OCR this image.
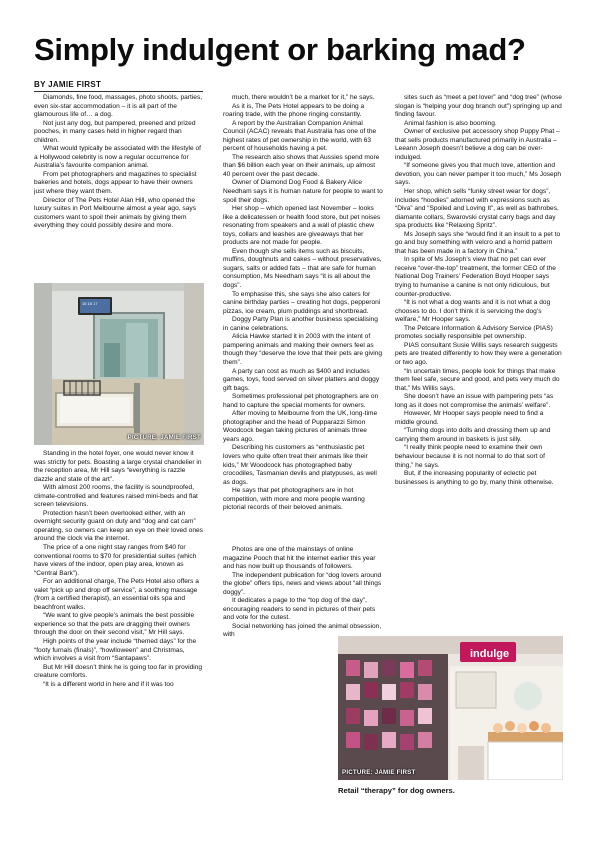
Simply indulgent or barking mad?
BY JAMIE FIRST

Diamonds, fine food, massages, photo shoots, parties, even six-star accommodation – it is all part of the glamourous life of… a dog.

Not just any dog, but pampered, preened and prized pooches, in many cases held in higher regard than children.

What would typically be associated with the lifestyle of a Hollywood celebrity is now a regular occurrence for Australia’s favourite companion animal.

From pet photographers and magazines to specialist bakeries and hotels, dogs appear to have their owners just where they want them.

Director of The Pets Hotel Alan Hill, who opened the luxury suites in Port Melbourne almost a year ago, says customers want to spoil their animals by giving them everything they could possibly desire and more.

15 16 17
PICTURE: JAMIE FIRST

Standing in the hotel foyer, one would never know it was strictly for pets. Boasting a large crystal chandelier in the reception area, Mr Hill says “everything is razzle dazzle and state of the art”.

With almost 200 rooms, the facility is soundproofed, climate-controlled and features raised mini-beds and flat screen televisions.

Protection hasn’t been overlooked either, with an overnight security guard on duty and “dog and cat cam” operating, so owners can keep an eye on their loved ones around the clock via the internet.

The price of a one night stay ranges from $40 for conventional rooms to $70 for presidential suites (which have views of the indoor, open play area, known as “Central Bark”).

For an additional charge, The Pets Hotel also offers a valet “pick up and drop off service”, a soothing massage (from a certified therapist), an essential oils spa and beachfront walks.

“We want to give people’s animals the best possible experience so that the pets are dragging their owners through the door on their second visit,” Mr Hill says.

High points of the year include “themed days” for the “footy furnals (finals)”, “howlloween” and Christmas, which involves a visit from “Santapaws”.

But Mr Hill doesn’t think he is going too far in providing creature comforts.

“It is a different world in here and if it was too

much, there wouldn’t be a market for it,” he says.

As it is, The Pets Hotel appears to be doing a roaring trade, with the phone ringing constantly.

A report by the Australian Companion Animal Council (ACAC) reveals that Australia has one of the highest rates of pet ownership in the world, with 63 percent of households having a pet.

The research also shows that Aussies spend more than $6 billion each year on their animals, up almost 40 percent over the past decade.

Owner of Diamond Dog Food & Bakery Alice Needham says it is human nature for people to want to spoil their dogs.

Her shop – which opened last November – looks like a delicatessen or health food store, but pet noises resonating from speakers and a wall of plastic chew toys, collars and leashes are giveaways that her products are not made for people.

Even though she sells items such as biscuits, muffins, doughnuts and cakes – without preservatives, sugars, salts or added fats – that are safe for human consumption, Ms Needham says “it is all about the dogs”.

To emphasise this, she says she also caters for canine birthday parties – creating hot dogs, pepperoni pizzas, ice cream, plum puddings and shortbread.

Doggy Party Plan is another business specialising in canine celebrations.

Alicia Hawke started it in 2003 with the intent of pampering animals and making their owners feel as though they “deserve the love that their pets are giving them”.

A party can cost as much as $400 and includes games, toys, food served on silver platters and doggy gift bags.

Sometimes professional pet photographers are on hand to capture the special moments for owners.

After moving to Melbourne from the UK, long-time photographer and the head of Pupparazzi Simon Woodcock began taking pictures of animals three years ago.

Describing his customers as “enthusiastic pet lovers who quite often treat their animals like their kids,” Mr Woodcock has photographed baby crocodiles, Tasmanian devils and platypuses, as well as dogs.

He says that pet photographers are in hot competition, with more and more people wanting pictorial records of their beloved animals.

Photos are one of the mainstays of online magazine Pooch that hit the internet earlier this year and has now built up thousands of followers.

The independent publication for “dog lovers around the globe” offers tips, news and views about “all things doggy”.

It dedicates a page to the “top dog of the day”, encouraging readers to send in pictures of their pets and vote for the cutest.

Social networking has joined the animal obsession, with

sites such as “meet a pet lover” and “dog tree” (whose slogan is “helping your dog branch out”) springing up and finding favour.

Animal fashion is also booming.

Owner of exclusive pet accessory shop Puppy Phat – that sells products manufactured primarily in Australia – Leeann Joseph doesn’t believe a dog can be over-indulged.

“If someone gives you that much love, attention and devotion, you can never pamper it too much,” Ms Joseph says.

Her shop, which sells “funky street wear for dogs”, includes “hoodies” adorned with expressions such as “Diva” and “Spoiled and Loving It”, as well as bathrobes, diamante collars, Swarovski crystal carry bags and day spa products like “Relaxing Spritz”.

Ms Joseph says she “would find it an insult to a pet to go and buy something with velcro and a horrid pattern that has been made in a factory in China.”

In spite of Ms Joseph’s view that no pet can ever receive “over-the-top” treatment, the former CEO of the National Dog Trainers’ Federation Boyd Hooper says trying to humanise a canine is not only ridiculous, but counter-productive.

“It is not what a dog wants and it is not what a dog chooses to do. I don’t think it is servicing the dog’s welfare,” Mr Hooper says.

The Petcare Information & Advisory Service (PIAS) promotes socially responsible pet ownership.

PIAS consultant Susie Willis says research suggests pets are treated differently to how they were a generation or two ago.

“In uncertain times, people look for things that make them feel safe, secure and good, and pets very much do that,” Ms Willis says.

She doesn’t have an issue with pampering pets “as long as it does not compromise the animals’ welfare”.

However, Mr Hooper says people need to find a middle ground.

“Turning dogs into dolls and dressing them up and carrying them around in baskets is just silly.

“I really think people need to examine their own behaviour because it is not normal to do that sort of thing,” he says.

But, if the increasing popularity of eclectic pet businesses is anything to go by, many think otherwise.

indulge
PICTURE: JAMIE FIRST
Retail “therapy” for dog owners.
